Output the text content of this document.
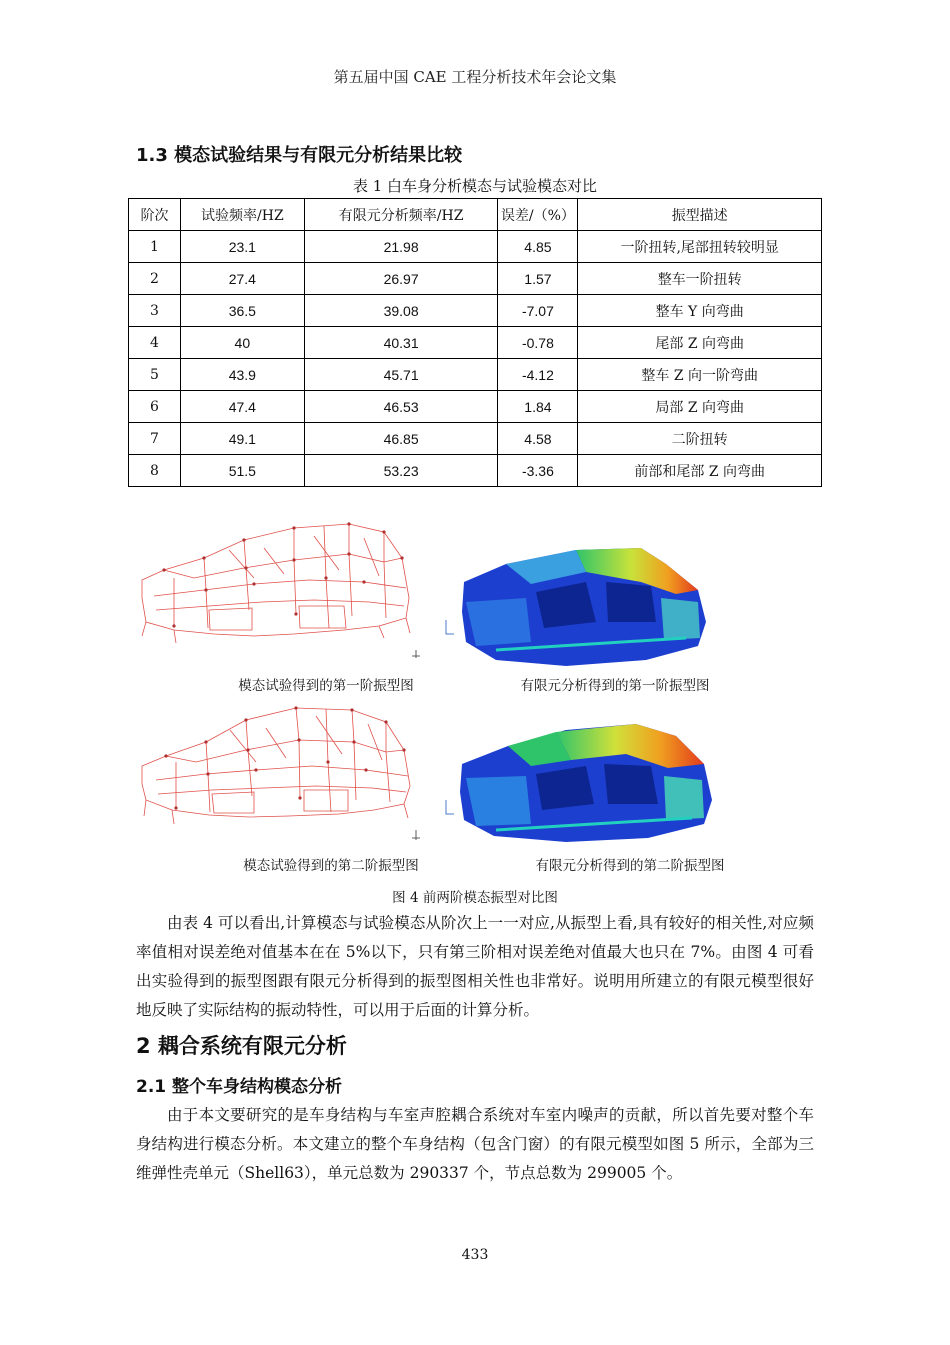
第五届中国 CAE 工程分析技术年会论文集
1.3 模态试验结果与有限元分析结果比较
表 1 白车身分析模态与试验模态对比
阶次	试验频率/HZ	有限元分析频率/HZ	误差/（%）	振型描述
1	23.1	21.98	4.85	一阶扭转,尾部扭转较明显
2	27.4	26.97	1.57	整车一阶扭转
3	36.5	39.08	-7.07	整车 Y 向弯曲
4	40	40.31	-0.78	尾部 Z 向弯曲
5	43.9	45.71	-4.12	整车 Z 向一阶弯曲
6	47.4	46.53	1.84	局部 Z 向弯曲
7	49.1	46.85	4.58	二阶扭转
8	51.5	53.23	-3.36	前部和尾部 Z 向弯曲
模态试验得到的第一阶振型图	有限元分析得到的第一阶振型图
模态试验得到的第二阶振型图	有限元分析得到的第二阶振型图
图 4 前两阶模态振型对比图

由表 4 可以看出,计算模态与试验模态从阶次上一一对应,从振型上看,具有较好的相关性,对应频率值相对误差绝对值基本在在 5%以下，只有第三阶相对误差绝对值最大也只在 7%。由图 4 可看出实验得到的振型图跟有限元分析得到的振型图相关性也非常好。说明用所建立的有限元模型很好地反映了实际结构的振动特性，可以用于后面的计算分析。

2 耦合系统有限元分析
2.1 整个车身结构模态分析

由于本文要研究的是车身结构与车室声腔耦合系统对车室内噪声的贡献，所以首先要对整个车身结构进行模态分析。本文建立的整个车身结构（包含门窗）的有限元模型如图 5 所示，全部为三维弹性壳单元（Shell63），单元总数为 290337 个，节点总数为 299005 个。

433
